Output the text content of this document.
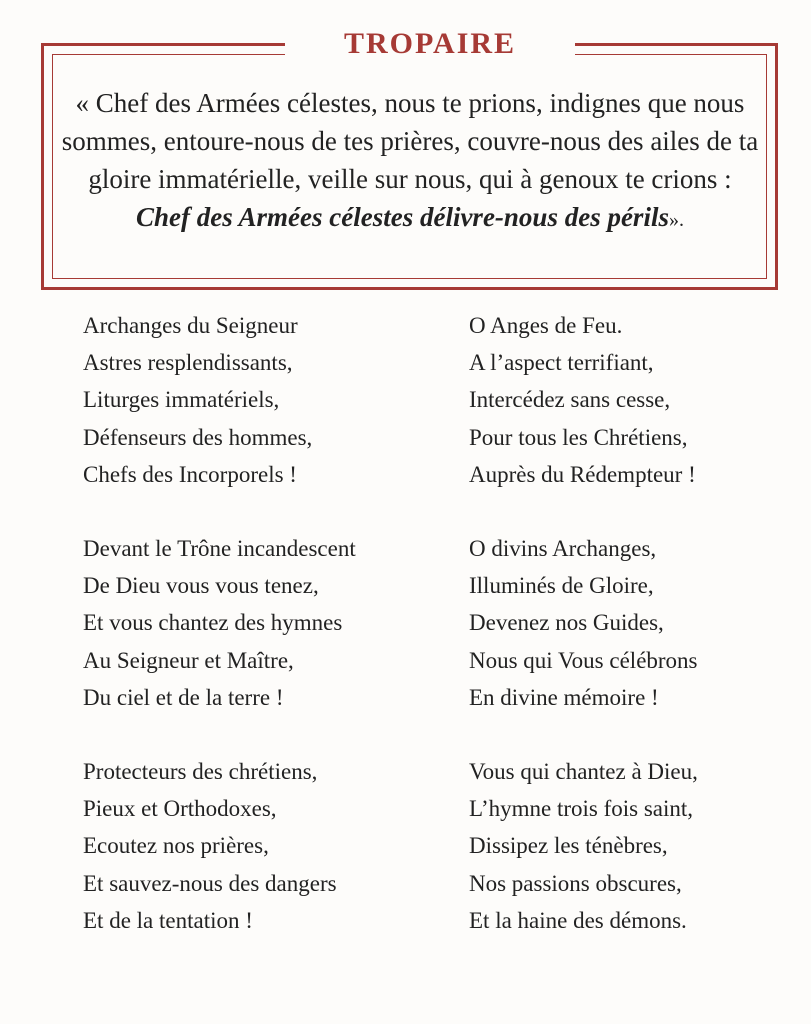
TROPAIRE
« Chef des Armées célestes, nous te prions, indignes que nous sommes, entoure-nous de tes prières, couvre-nous des ailes de ta gloire immatérielle, veille sur nous, qui à genoux te crions :
Chef des Armées célestes délivre-nous des périls».
Archanges du Seigneur
Astres resplendissants,
Liturges immatériels,
Défenseurs des hommes,
Chefs des Incorporels !
Devant le Trône incandescent
De Dieu vous vous tenez,
Et vous chantez des hymnes
Au Seigneur et Maître,
Du ciel et de la terre !
Protecteurs des chrétiens,
Pieux et Orthodoxes,
Ecoutez nos prières,
Et sauvez-nous des dangers
Et de la tentation !
O Anges de Feu.
A l’aspect terrifiant,
Intercédez sans cesse,
Pour tous les Chrétiens,
Auprès du Rédempteur !
O divins Archanges,
Illuminés de Gloire,
Devenez nos Guides,
Nous qui Vous célébrons
En divine mémoire !
Vous qui chantez à Dieu,
L’hymne trois fois saint,
Dissipez les ténèbres,
Nos passions obscures,
Et la haine des démons.
